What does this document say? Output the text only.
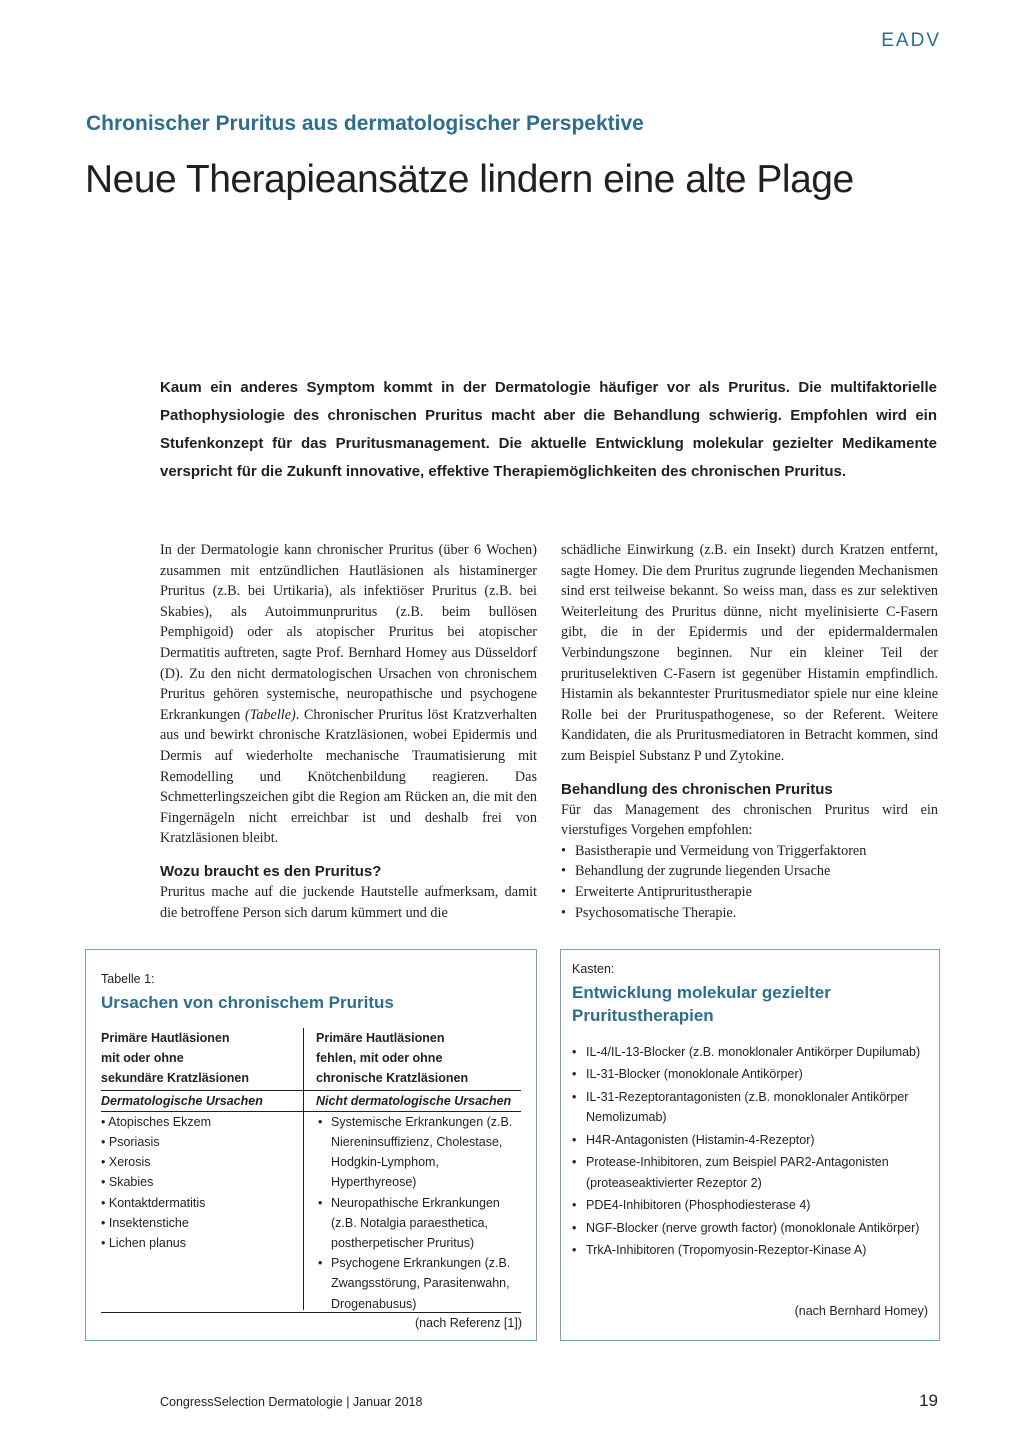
EADV
Chronischer Pruritus aus dermatologischer Perspektive
Neue Therapieansätze lindern eine alte Plage
Kaum ein anderes Symptom kommt in der Dermatologie häufiger vor als Pruritus. Die multifaktorielle Pathophysiologie des chronischen Pruritus macht aber die Behandlung schwierig. Empfohlen wird ein Stufenkonzept für das Pruritusmanagement. Die aktuelle Entwicklung molekular gezielter Medikamente verspricht für die Zukunft innovative, effektive Therapiemöglichkeiten des chronischen Pruritus.

In der Dermatologie kann chronischer Pruritus (über 6 Wochen) zusammen mit entzündlichen Hautläsionen als histaminerger Pruritus (z.B. bei Urtikaria), als infektiöser Pruritus (z.B. bei Skabies), als Autoimmunpruritus (z.B. beim bullösen Pemphigoid) oder als atopischer Pruritus bei atopischer Dermatitis auftreten, sagte Prof. Bernhard Homey aus Düsseldorf (D). Zu den nicht dermatologischen Ursachen von chronischem Pruritus gehören systemische, neuropathische und psychogene Erkrankungen (Tabelle). Chronischer Pruritus löst Kratzverhalten aus und bewirkt chronische Kratzläsionen, wobei Epidermis und Dermis auf wiederholte mechanische Traumatisierung mit Remodelling und Knötchenbildung reagieren. Das Schmetterlingszeichen gibt die Region am Rücken an, die mit den Fingernägeln nicht erreichbar ist und deshalb frei von Kratzläsionen bleibt.

Wozu braucht es den Pruritus?

Pruritus mache auf die juckende Hautstelle aufmerksam, damit die betroffene Person sich darum kümmert und die

schädliche Einwirkung (z.B. ein Insekt) durch Kratzen entfernt, sagte Homey. Die dem Pruritus zugrunde liegenden Mechanismen sind erst teilweise bekannt. So weiss man, dass es zur selektiven Weiterleitung des Pruritus dünne, nicht myelinisierte C-Fasern gibt, die in der Epidermis und der epidermaldermalen Verbindungszone beginnen. Nur ein kleiner Teil der prurituselektiven C-Fasern ist gegenüber Histamin empfindlich. Histamin als bekanntester Pruritusmediator spiele nur eine kleine Rolle bei der Prurituspathogenese, so der Referent. Weitere Kandidaten, die als Pruritusmediatoren in Betracht kommen, sind zum Beispiel Substanz P und Zytokine.

Behandlung des chronischen Pruritus

Für das Management des chronischen Pruritus wird ein vierstufiges Vorgehen empfohlen:

• Basistherapie und Vermeidung von Triggerfaktoren
• Behandlung der zugrunde liegenden Ursache
• Erweiterte Antipruritustherapie
• Psychosomatische Therapie.
Tabelle 1:
Ursachen von chronischem Pruritus
Primäre Hautläsionen
mit oder ohne
sekundäre Kratzläsionen
Dermatologische Ursachen
• Atopisches Ekzem
• Psoriasis
• Xerosis
• Skabies
• Kontaktdermatitis
• Insektenstiche
• Lichen planus
Primäre Hautläsionen
fehlen, mit oder ohne
chronische Kratzläsionen
Nicht dermatologische Ursachen
• Systemische Erkrankungen (z.B. Niereninsuffizienz, Cholestase, Hodgkin-Lymphom, Hyperthyreose)
• Neuropathische Erkrankungen (z.B. Notalgia paraesthetica, postherpetischer Pruritus)
• Psychogene Erkrankungen (z.B. Zwangsstörung, Parasitenwahn, Drogenabusus)
(nach Referenz [1])
Kasten:
Entwicklung molekular gezielter Pruritustherapien
• IL-4/IL-13-Blocker (z.B. monoklonaler Antikörper Dupilumab)
• IL-31-Blocker (monoklonale Antikörper)
• IL-31-Rezeptorantagonisten (z.B. monoklonaler Antikörper Nemolizumab)
• H4R-Antagonisten (Histamin-4-Rezeptor)
• Protease-Inhibitoren, zum Beispiel PAR2-Antagonisten (proteaseaktivierter Rezeptor 2)
• PDE4-Inhibitoren (Phosphodiesterase 4)
• NGF-Blocker (nerve growth factor) (monoklonale Antikörper)
• TrkA-Inhibitoren (Tropomyosin-Rezeptor-Kinase A)
(nach Bernhard Homey)
CongressSelection Dermatologie | Januar 2018	19
